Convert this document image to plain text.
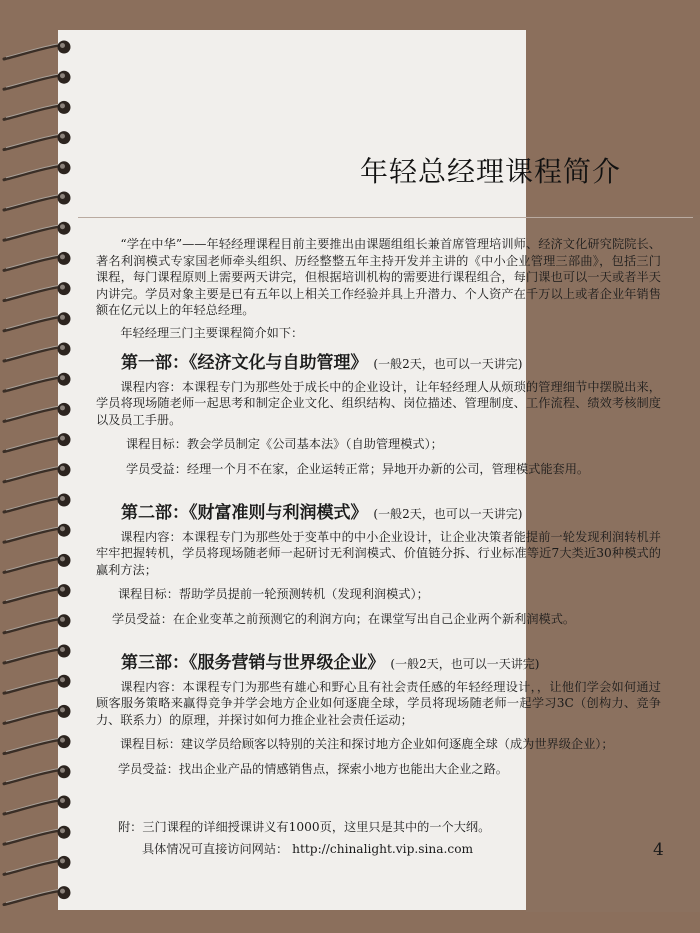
年轻总经理课程简介

“学在中华”——年轻经理课程目前主要推出由课题组组长兼首席管理培训师、经济文化研究院院长、著名利润模式专家国老师牵头组织、历经整整五年主持开发并主讲的《中小企业管理三部曲》，包括三门课程，每门课程原则上需要两天讲完，但根据培训机构的需要进行课程组合，每门课也可以一天或者半天内讲完。学员对象主要是已有五年以上相关工作经验并具上升潜力、个人资产在千万以上或者企业年销售额在亿元以上的年轻总经理。

年轻经理三门主要课程简介如下：

第一部：《经济文化与自助管理》 (一般2天，也可以一天讲完)

课程内容：本课程专门为那些处于成长中的企业设计，让年轻经理人从烦琐的管理细节中摆脱出来，学员将现场随老师一起思考和制定企业文化、组织结构、岗位描述、管理制度、工作流程、绩效考核制度以及员工手册。

课程目标：教会学员制定《公司基本法》（自助管理模式）；

学员受益：经理一个月不在家，企业运转正常；异地开办新的公司，管理模式能套用。

第二部：《财富准则与利润模式》 (一般2天，也可以一天讲完)

课程内容：本课程专门为那些处于变革中的中小企业设计，让企业决策者能提前一轮发现利润转机并牢牢把握转机，学员将现场随老师一起研讨无利润模式、价值链分拆、行业标准等近7大类近30种模式的赢利方法；

课程目标：帮助学员提前一轮预测转机（发现利润模式）；

学员受益：在企业变革之前预测它的利润方向；在课堂写出自己企业两个新利润模式。

第三部：《服务营销与世界级企业》 (一般2天，也可以一天讲完)

课程内容：本课程专门为那些有雄心和野心且有社会责任感的年轻经理设计，，让他们学会如何通过顾客服务策略来赢得竞争并学会地方企业如何逐鹿全球，学员将现场随老师一起学习3C（创构力、竞争力、联系力）的原理，并探讨如何力推企业社会责任运动；

课程目标：建议学员给顾客以特别的关注和探讨地方企业如何逐鹿全球（成为世界级企业）；

学员受益：找出企业产品的情感销售点，探索小地方也能出大企业之路。

附：三门课程的详细授课讲义有1000页，这里只是其中的一个大纲。
具体情况可直接访问网站： http://chinalight.vip.sina.com	4
